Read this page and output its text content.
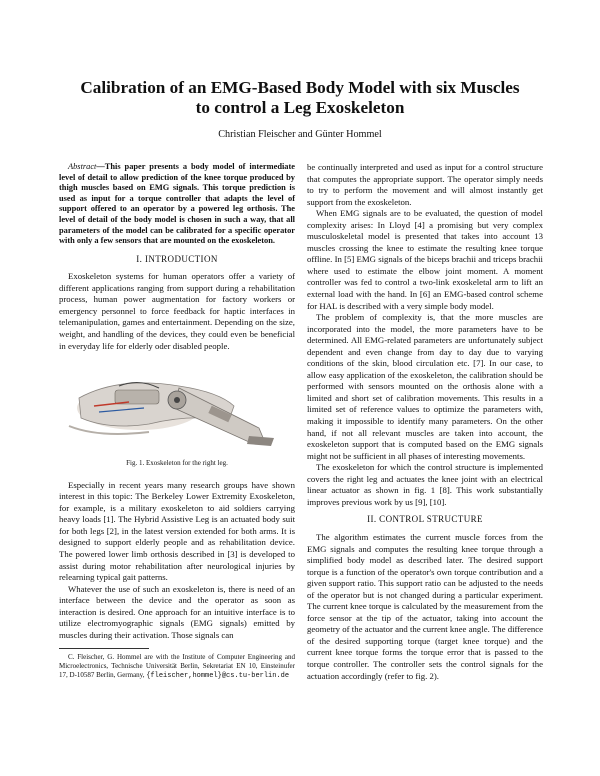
Calibration of an EMG-Based Body Model with six Muscles
to control a Leg Exoskeleton
Christian Fleischer and Günter Hommel

Abstract—This paper presents a body model of intermediate level of detail to allow prediction of the knee torque produced by thigh muscles based on EMG signals. This torque prediction is used as input for a torque controller that adapts the level of support offered to an operator by a powered leg orthosis. The level of detail of the body model is chosen in such a way, that all parameters of the model can be calibrated for a specific operator with only a few sensors that are mounted on the exoskeleton.

I. INTRODUCTION

Exoskeleton systems for human operators offer a variety of different applications ranging from support during a rehabilitation process, human power augmentation for factory workers or emergency personnel to force feedback for haptic interfaces in telemanipulation, games and entertainment. Depending on the size, weight, and handling of the devices, they could even be beneficial in everyday life for elderly oder disabled people.

Fig. 1. Exoskeleton for the right leg.

Especially in recent years many research groups have shown interest in this topic: The Berkeley Lower Extremity Exoskeleton, for example, is a military exoskeleton to aid soldiers carrying heavy loads [1]. The Hybrid Assistive Leg is an actuated body suit for both legs [2], in the latest version extended for both arms. It is designed to support elderly people and as rehabilitation device. The powered lower limb orthosis described in [3] is developed to assist during motor rehabilitation after neurological injuries by relearning typical gait patterns.

Whatever the use of such an exoskeleton is, there is need of an interface between the device and the operator as soon as interaction is desired. One approach for an intuitive interface is to utilize electromyographic signals (EMG signals) emitted by muscles during their activation. Those signals can

C. Fleischer, G. Hommel are with the Institute of Computer Engineering and Microelectronics, Technische Universität Berlin, Sekretariat EN 10, Einsteinufer 17, D-10587 Berlin, Germany, {fleischer,hommel}@cs.tu-berlin.de

be continually interpreted and used as input for a control structure that computes the appropriate support. The operator simply needs to try to perform the movement and will almost instantly get support from the exoskeleton.

When EMG signals are to be evaluated, the question of model complexity arises: In Lloyd [4] a promising but very complex musculoskeletal model is presented that takes into account 13 muscles crossing the knee to estimate the resulting knee torque offline. In [5] EMG signals of the biceps brachii and triceps brachii where used to estimate the elbow joint moment. A moment controller was fed to control a two-link exoskeletal arm to lift an external load with the hand. In [6] an EMG-based control scheme for HAL is described with a very simple body model.

The problem of complexity is, that the more muscles are incorporated into the model, the more parameters have to be determined. All EMG-related parameters are unfortunately subject dependent and even change from day to day due to varying conditions of the skin, blood circulation etc. [7]. In our case, to allow easy application of the exoskeleton, the calibration should be performed with sensors mounted on the orthosis alone with a limited and short set of calibration movements. This results in a limited set of reference values to optimize the parameters with, making it impossible to identify many parameters. On the other hand, if not all relevant muscles are taken into account, the exoskeleton support that is computed based on the EMG signals might not be sufficient in all phases of interesting movements.

The exoskeleton for which the control structure is implemented covers the right leg and actuates the knee joint with an electrical linear actuator as shown in fig. 1 [8]. This work substantially improves previous work by us [9], [10].

II. CONTROL STRUCTURE

The algorithm estimates the current muscle forces from the EMG signals and computes the resulting knee torque through a simplified body model as described later. The desired support torque is a function of the operator's own torque contribution and a given support ratio. This support ratio can be adjusted to the needs of the operator but is not changed during a particular experiment. The current knee torque is calculated by the measurement from the force sensor at the tip of the actuator, taking into account the geometry of the actuator and the current knee angle. The difference of the desired supporting torque (target knee torque) and the current knee torque forms the torque error that is passed to the torque controller. The controller sets the control signals for the actuation accordingly (refer to fig. 2).
